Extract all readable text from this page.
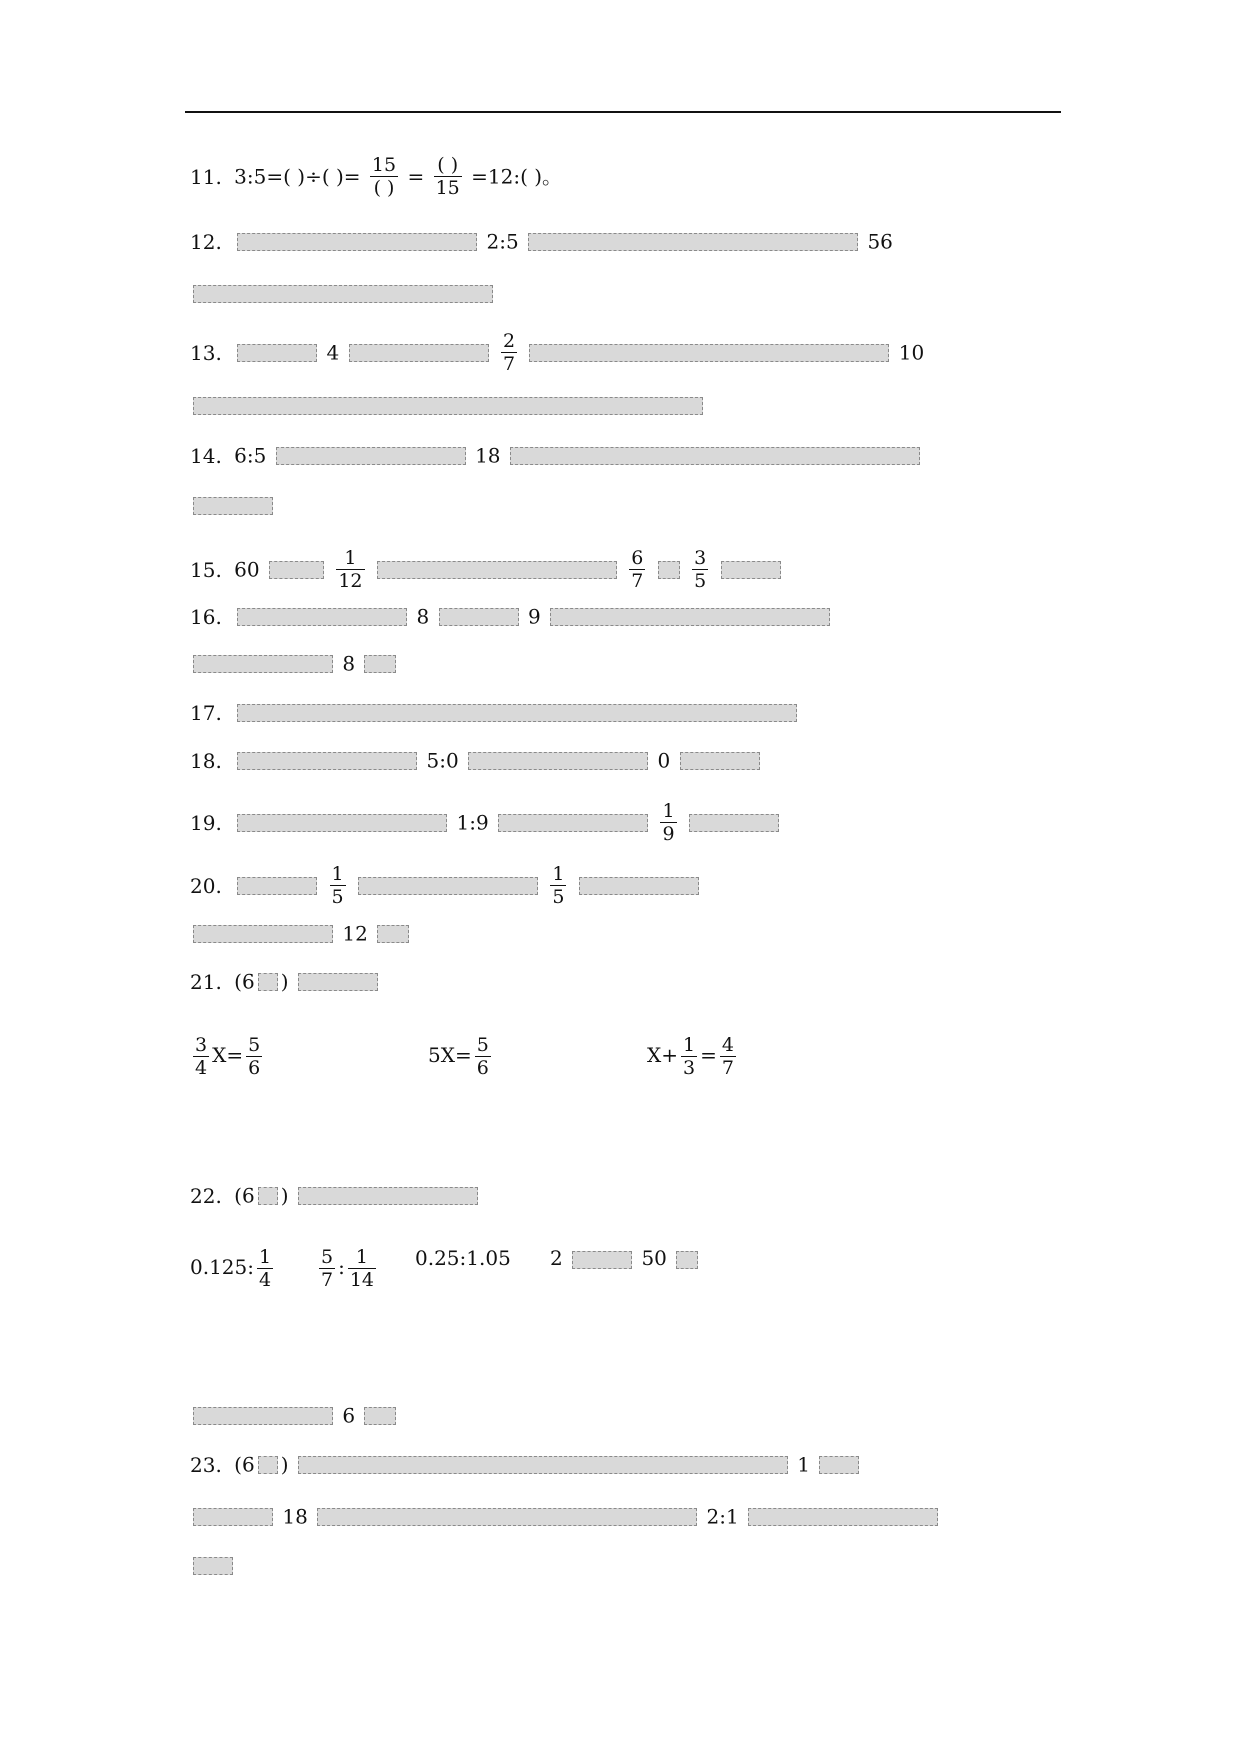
11. 3:5=( )÷( )= $\frac{15}{( )} = \frac{( )}{15}$ =12:( )。
12.	2:5	56
13.	4	$\frac{2}{7}$	10
14. 6:5	18
15. 60	$\frac{1}{12}$
	$\frac{6}{7}$
$\frac{3}{5}$

16.	8	9
8
17.
18.	5:0	0
19.	1:9	$\frac{1}{9}$

20.	$\frac{1}{5}$
	$\frac{1}{5}$

12
21. (6 )
$\frac{3}{4} X= \frac{5}{6}$	$5X= \frac{5}{6}$	$X+ \frac{1}{3} = \frac{4}{7}$
22. (6 )
0.125: $\frac{1}{4} \frac{5}{7}$ : $\frac{1}{14}$ 0.25:1.05 2	50
6
23. (6 )	1
18	2:1
